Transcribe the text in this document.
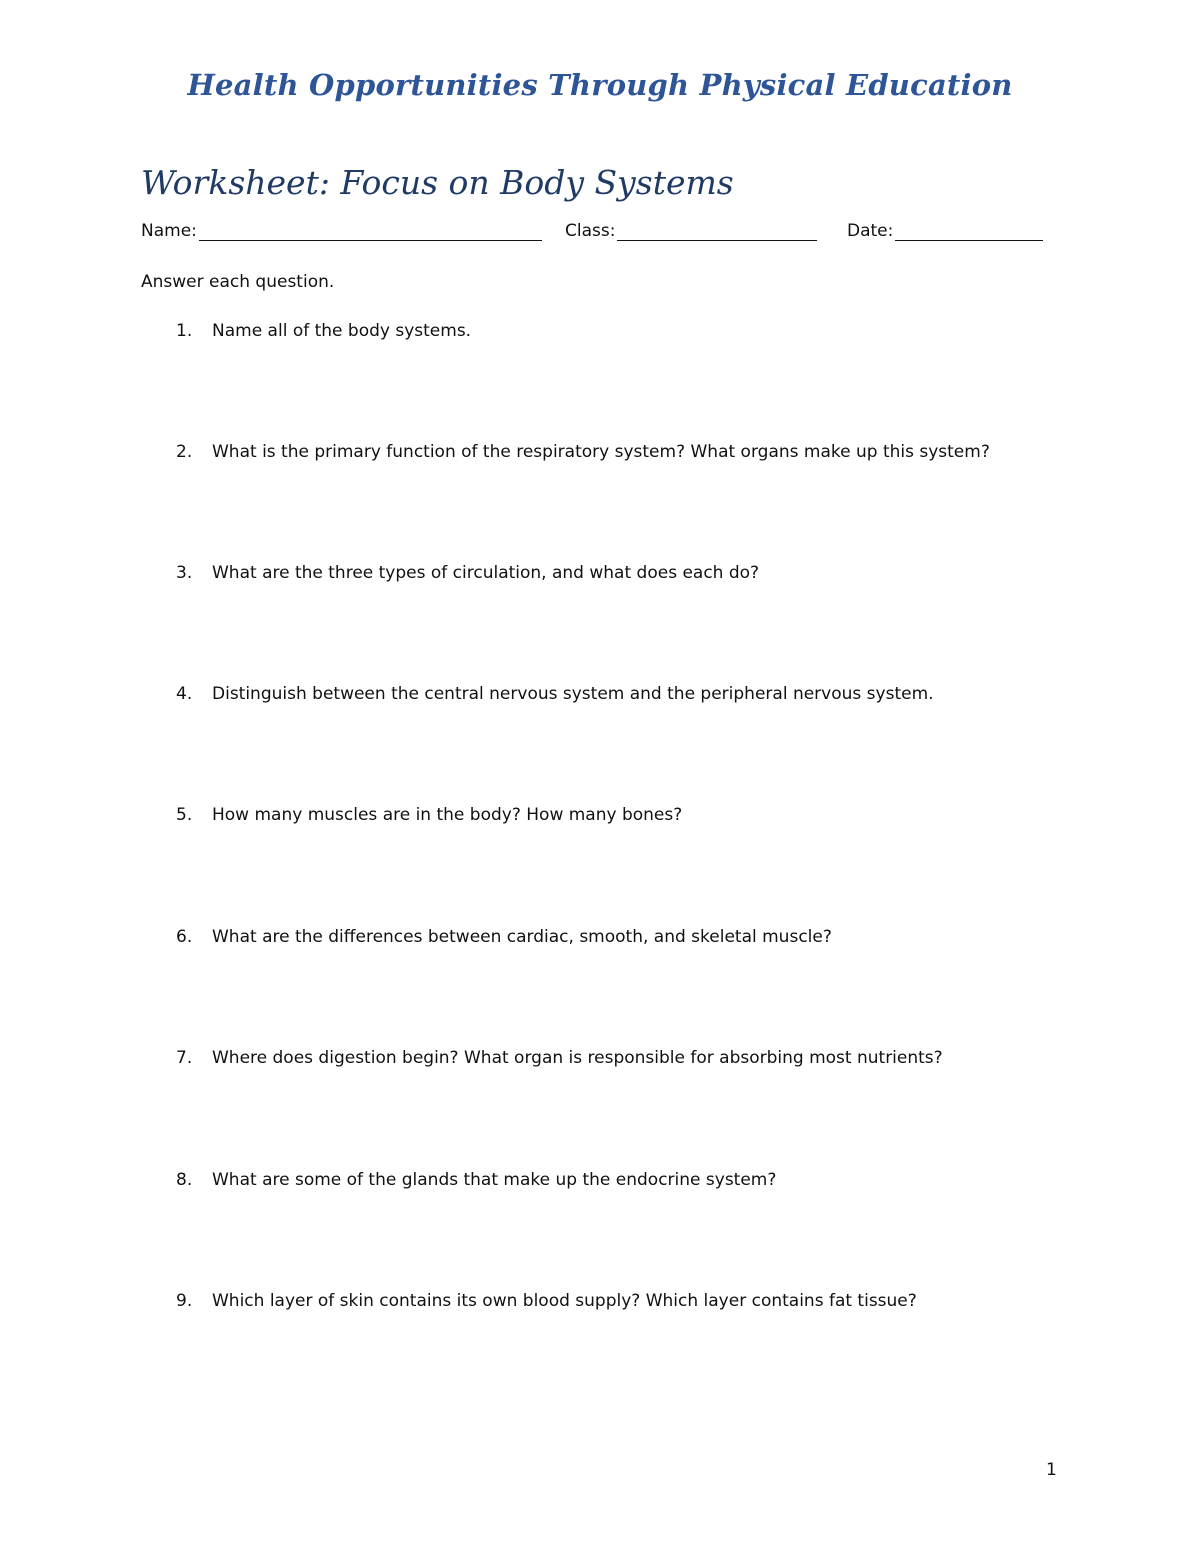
Health Opportunities Through Physical Education
Worksheet: Focus on Body Systems
Name:	Class:	Date:
Answer each question.
1.	Name all of the body systems.
2.	What is the primary function of the respiratory system? What organs make up this system?
3.	What are the three types of circulation, and what does each do?
4.	Distinguish between the central nervous system and the peripheral nervous system.
5.	How many muscles are in the body? How many bones?
6.	What are the differences between cardiac, smooth, and skeletal muscle?
7.	Where does digestion begin? What organ is responsible for absorbing most nutrients?
8.	What are some of the glands that make up the endocrine system?
9.	Which layer of skin contains its own blood supply? Which layer contains fat tissue?
1
